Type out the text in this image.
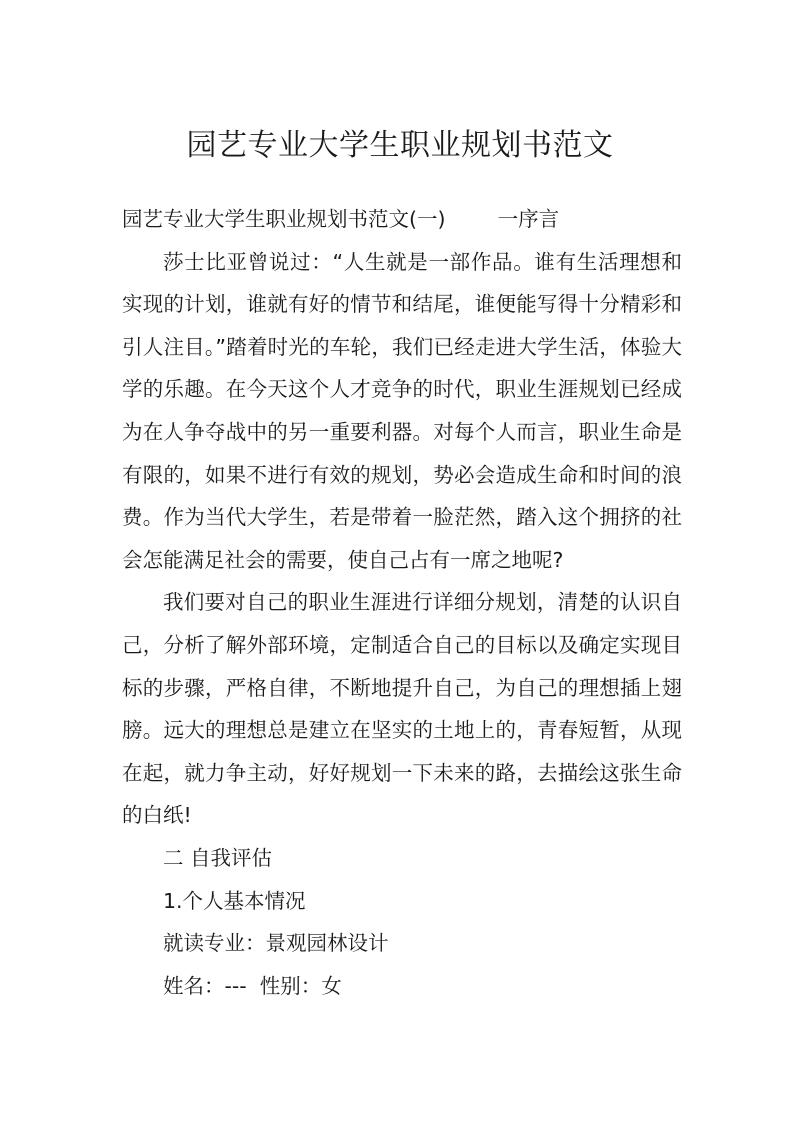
园艺专业大学生职业规划书范文

园艺专业大学生职业规划书范文(一)        一序言

莎士比亚曾说过：“人生就是一部作品。谁有生活理想和实现的计划，谁就有好的情节和结尾，谁便能写得十分精彩和引人注目。”踏着时光的车轮，我们已经走进大学生活，体验大学的乐趣。在今天这个人才竞争的时代，职业生涯规划已经成为在人争夺战中的另一重要利器。对每个人而言，职业生命是有限的，如果不进行有效的规划，势必会造成生命和时间的浪费。作为当代大学生，若是带着一脸茫然，踏入这个拥挤的社会怎能满足社会的需要，使自己占有一席之地呢?

我们要对自己的职业生涯进行详细分规划，清楚的认识自己，分析了解外部环境，定制适合自己的目标以及确定实现目标的步骤，严格自律，不断地提升自己，为自己的理想插上翅膀。远大的理想总是建立在坚实的土地上的，青春短暂，从现在起，就力争主动，好好规划一下未来的路，去描绘这张生命的白纸!

二 自我评估

1.个人基本情况

就读专业：景观园林设计

姓名：---  性别：女
